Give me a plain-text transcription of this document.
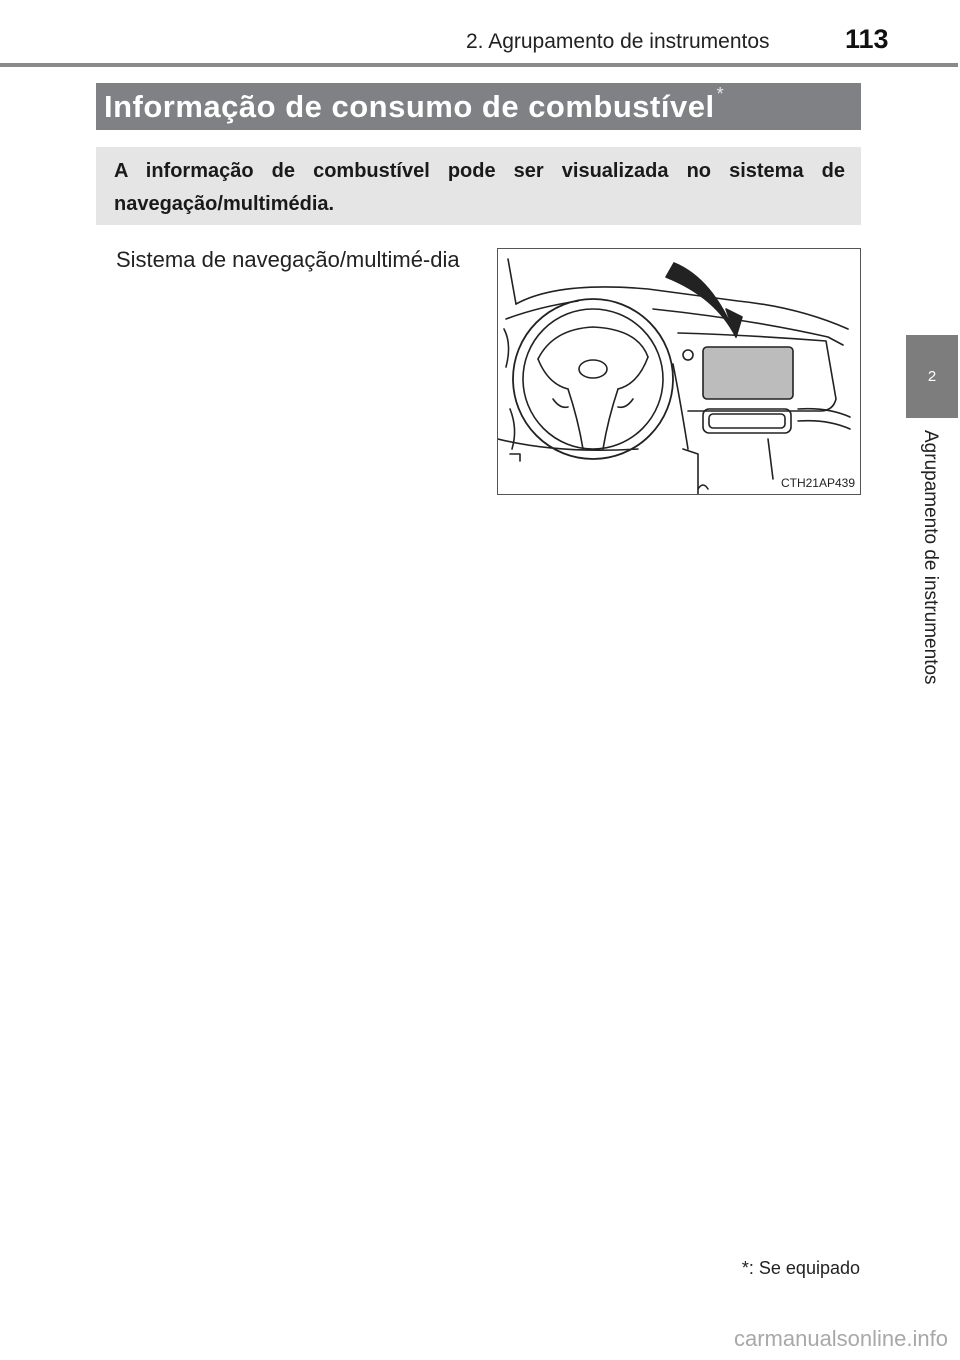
2. Agrupamento de instrumentos	113
2
Agrupamento de instrumentos
Informação de consumo de combustível *
A informação de combustível pode ser visualizada no sistema de navegação/multimédia.
Sistema de navegação/multimé-dia
CTH21AP439
*: Se equipado
carmanualsonline.info
